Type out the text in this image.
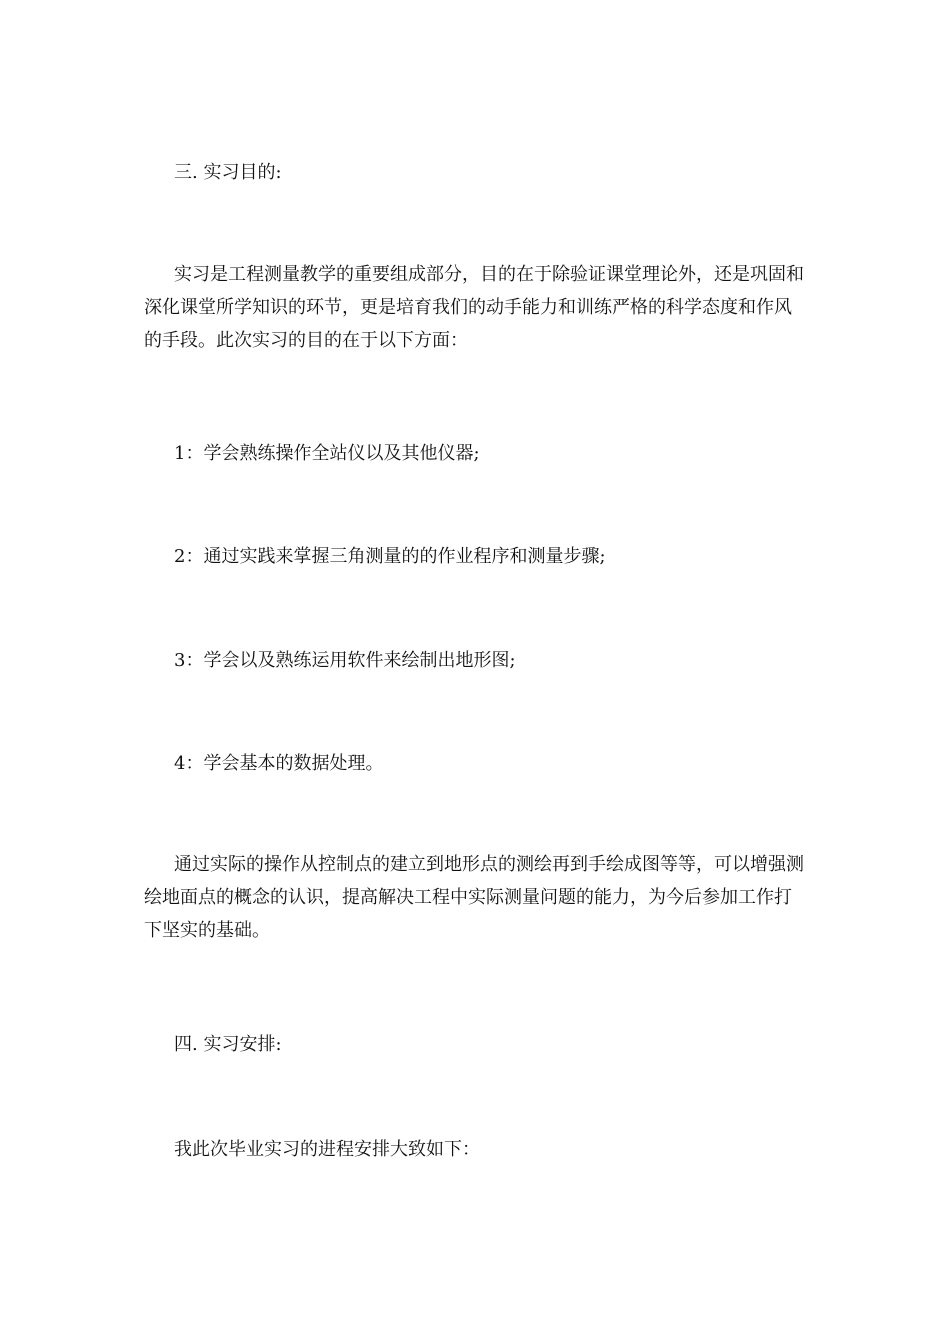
三. 实习目的:
实习是工程测量教学的重要组成部分，目的在于除验证课堂理论外，还是巩固和深化课堂所学知识的环节，更是培育我们的动手能力和训练严格的科学态度和作风的手段。此次实习的目的在于以下方面：
1：学会熟练操作全站仪以及其他仪器;
2：通过实践来掌握三角测量的的作业程序和测量步骤;
3：学会以及熟练运用软件来绘制出地形图;
4：学会基本的数据处理。
通过实际的操作从控制点的建立到地形点的测绘再到手绘成图等等，可以增强测绘地面点的概念的认识，提高解决工程中实际测量问题的能力，为今后参加工作打下坚实的基础。
四. 实习安排:
我此次毕业实习的进程安排大致如下：
